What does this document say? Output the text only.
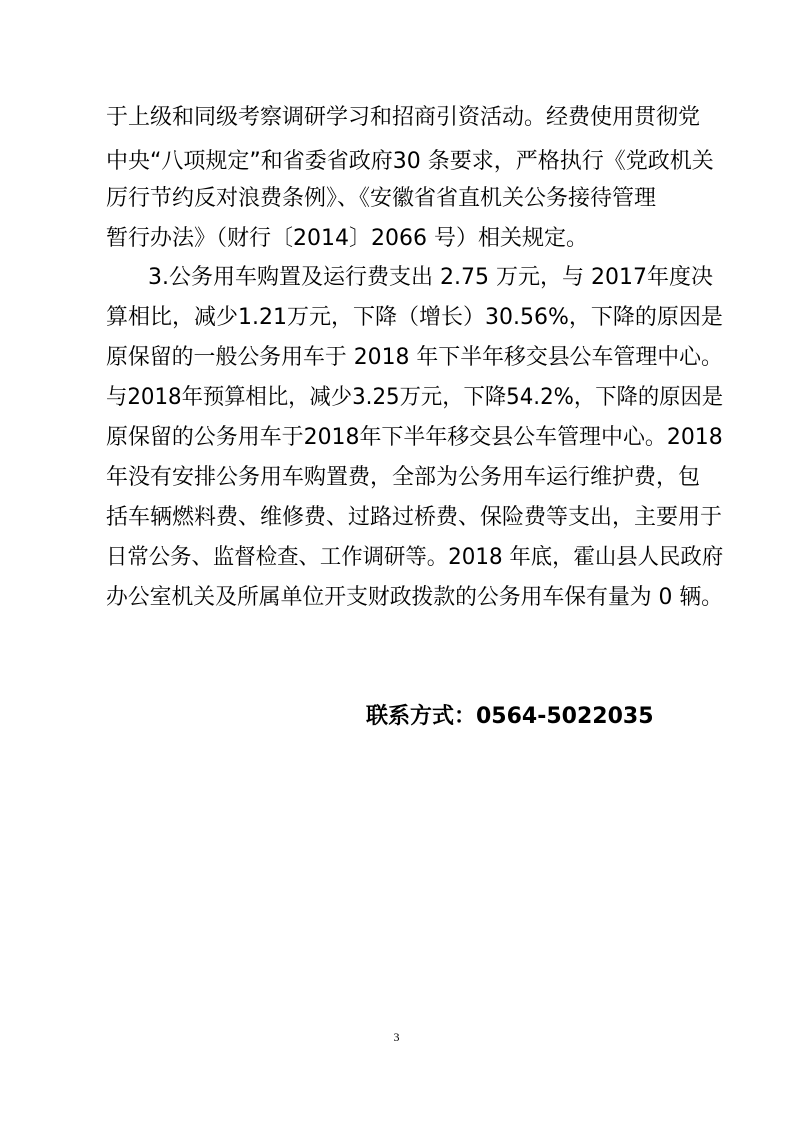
于上级和同级考察调研学习和招商引资活动。经费使用贯彻党
中央“八项规定”和省委省政府30 条要求，严格执行《党政机关
厉行节约反对浪费条例》、《安徽省省直机关公务接待管理
暂行办法》（财行〔2014〕2066 号）相关规定。
3.公务用车购置及运行费支出 2.75 万元，与 2017年度决
算相比，减少1.21万元，下降（增长）30.56%，下降的原因是
原保留的一般公务用车于 2018 年下半年移交县公车管理中心。
与2018年预算相比，减少3.25万元，下降54.2%，下降的原因是
原保留的公务用车于2018年下半年移交县公车管理中心。2018
年没有安排公务用车购置费，全部为公务用车运行维护费，包
括车辆燃料费、维修费、过路过桥费、保险费等支出，主要用于
日常公务、监督检查、工作调研等。2018 年底，霍山县人民政府
办公室机关及所属单位开支财政拨款的公务用车保有量为 0 辆。
联系方式：0564-5022035
3
